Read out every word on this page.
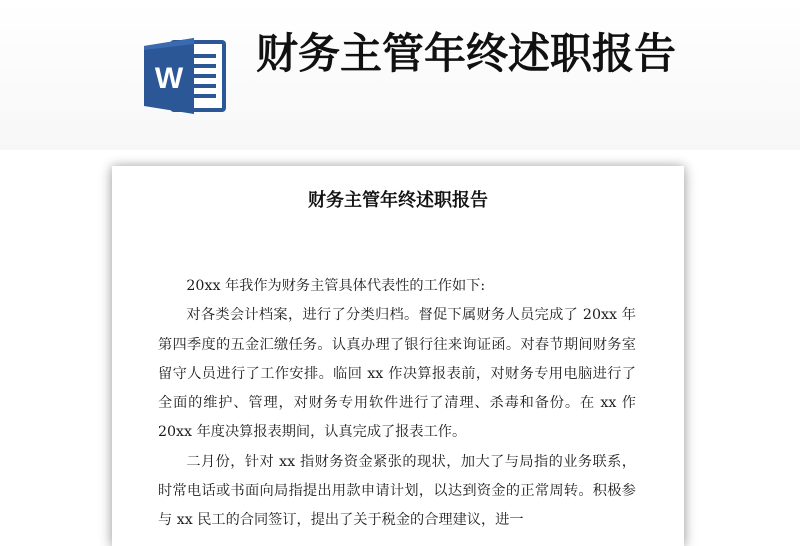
W
财务主管年终述职报告
财务主管年终述职报告

20xx 年我作为财务主管具体代表性的工作如下:

对各类会计档案，进行了分类归档。督促下属财务人员完成了 20xx 年第四季度的五金汇缴任务。认真办理了银行往来询证函。对春节期间财务室留守人员进行了工作安排。临回 xx 作决算报表前，对财务专用电脑进行了全面的维护、管理，对财务专用软件进行了清理、杀毒和备份。在 xx 作 20xx 年度决算报表期间，认真完成了报表工作。

二月份，针对 xx 指财务资金紧张的现状，加大了与局指的业务联系，时常电话或书面向局指提出用款申请计划，以达到资金的正常周转。积极参与 xx 民工的合同签订，提出了关于税金的合理建议，进一
